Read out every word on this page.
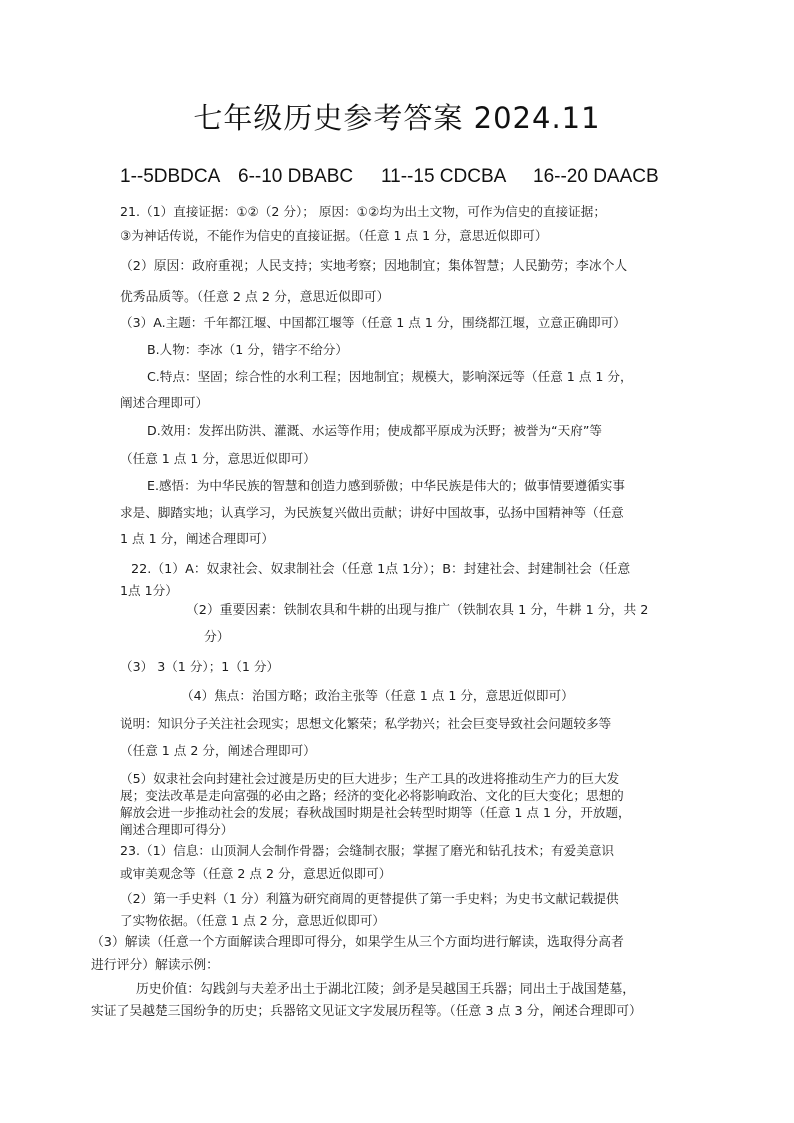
七年级历史参考答案 2024.11
1--5DBDCA 6--10 DBABC 11--15 CDCBA 16--20 DAACB
21.（1）直接证据：①②（2 分）； 原因：①②均为出土文物，可作为信史的直接证据；
③为神话传说，不能作为信史的直接证据。（任意 1 点 1 分，意思近似即可）
（2）原因：政府重视；人民支持；实地考察；因地制宜；集体智慧；人民勤劳；李冰个人
优秀品质等。（任意 2 点 2 分，意思近似即可）
（3）A.主题：千年都江堰、中国都江堰等（任意 1 点 1 分，围绕都江堰，立意正确即可）
B.人物：李冰（1 分，错字不给分）
C.特点：坚固；综合性的水利工程；因地制宜；规模大，影响深远等（任意 1 点 1 分，
阐述合理即可）
D.效用：发挥出防洪、灌溉、水运等作用；使成都平原成为沃野；被誉为“天府”等
（任意 1 点 1 分，意思近似即可）
E.感悟：为中华民族的智慧和创造力感到骄傲；中华民族是伟大的；做事情要遵循实事
求是、脚踏实地；认真学习，为民族复兴做出贡献；讲好中国故事，弘扬中国精神等（任意
1 点 1 分，阐述合理即可）
22.（1）A：奴隶社会、奴隶制社会（任意 1点 1分）；B：封建社会、封建制社会（任意
1点 1分）
（2）重要因素：铁制农具和牛耕的出现与推广（铁制农具 1 分，牛耕 1 分，共 2
分）
（3） 3（1 分）；1（1 分）
（4）焦点：治国方略；政治主张等（任意 1 点 1 分，意思近似即可）
说明：知识分子关注社会现实；思想文化繁荣；私学勃兴；社会巨变导致社会问题较多等
（任意 1 点 2 分，阐述合理即可）
（5）奴隶社会向封建社会过渡是历史的巨大进步；生产工具的改进将推动生产力的巨大发
展；变法改革是走向富强的必由之路；经济的变化必将影响政治、文化的巨大变化；思想的
解放会进一步推动社会的发展；春秋战国时期是社会转型时期等（任意 1 点 1 分，开放题，
阐述合理即可得分）
23.（1）信息：山顶洞人会制作骨器；会缝制衣服；掌握了磨光和钻孔技术；有爱美意识
或审美观念等（任意 2 点 2 分，意思近似即可）
（2）第一手史料（1 分）利簋为研究商周的更替提供了第一手史料；为史书文献记载提供
了实物依据。（任意 1 点 2 分，意思近似即可）
（3）解读（任意一个方面解读合理即可得分，如果学生从三个方面均进行解读，选取得分高者
进行评分）解读示例：
历史价值：勾践剑与夫差矛出土于湖北江陵；剑矛是吴越国王兵器；同出土于战国楚墓，
实证了吴越楚三国纷争的历史；兵器铭文见证文字发展历程等。（任意 3 点 3 分，阐述合理即可）
